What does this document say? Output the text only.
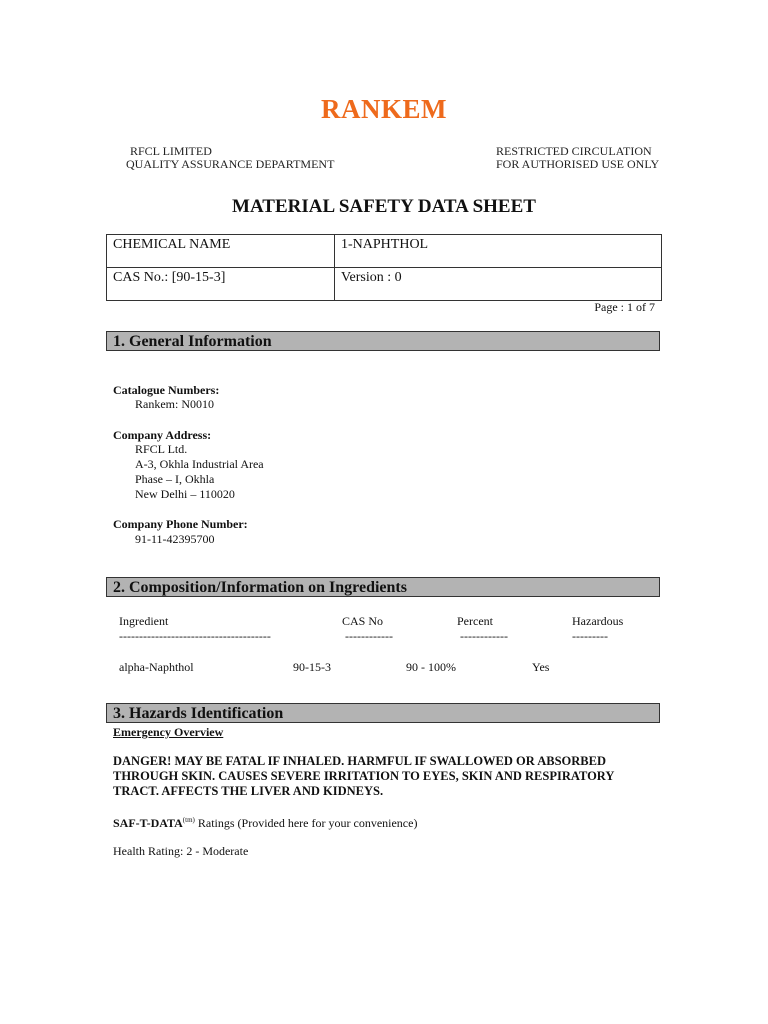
RANKEM
RFCL LIMITED
QUALITY ASSURANCE DEPARTMENT
RESTRICTED CIRCULATION
FOR AUTHORISED USE ONLY
MATERIAL SAFETY DATA SHEET
CHEMICAL NAME	1-NAPHTHOL

CAS No.: [90-15-3]	Version : 0
Page : 1 of 7
1. General Information
Catalogue Numbers:
Rankem: N0010
Company Address:
RFCL Ltd.
A-3, Okhla Industrial Area
Phase – I, Okhla
New Delhi – 110020
Company Phone Number:
91-11-42395700
2. Composition/Information on Ingredients
Ingredient	CAS No	Percent	Hazardous
--------------------------------------	------------	------------	---------
alpha-Naphthol	90-15-3	90 - 100%	Yes
3. Hazards Identification
Emergency Overview
DANGER! MAY BE FATAL IF INHALED. HARMFUL IF SWALLOWED OR ABSORBED THROUGH SKIN. CAUSES SEVERE IRRITATION TO EYES, SKIN AND RESPIRATORY TRACT. AFFECTS THE LIVER AND KIDNEYS.
SAF-$T-DATA^{(tm)}$ Ratings (Provided here for your convenience)
Health Rating: 2 - Moderate
